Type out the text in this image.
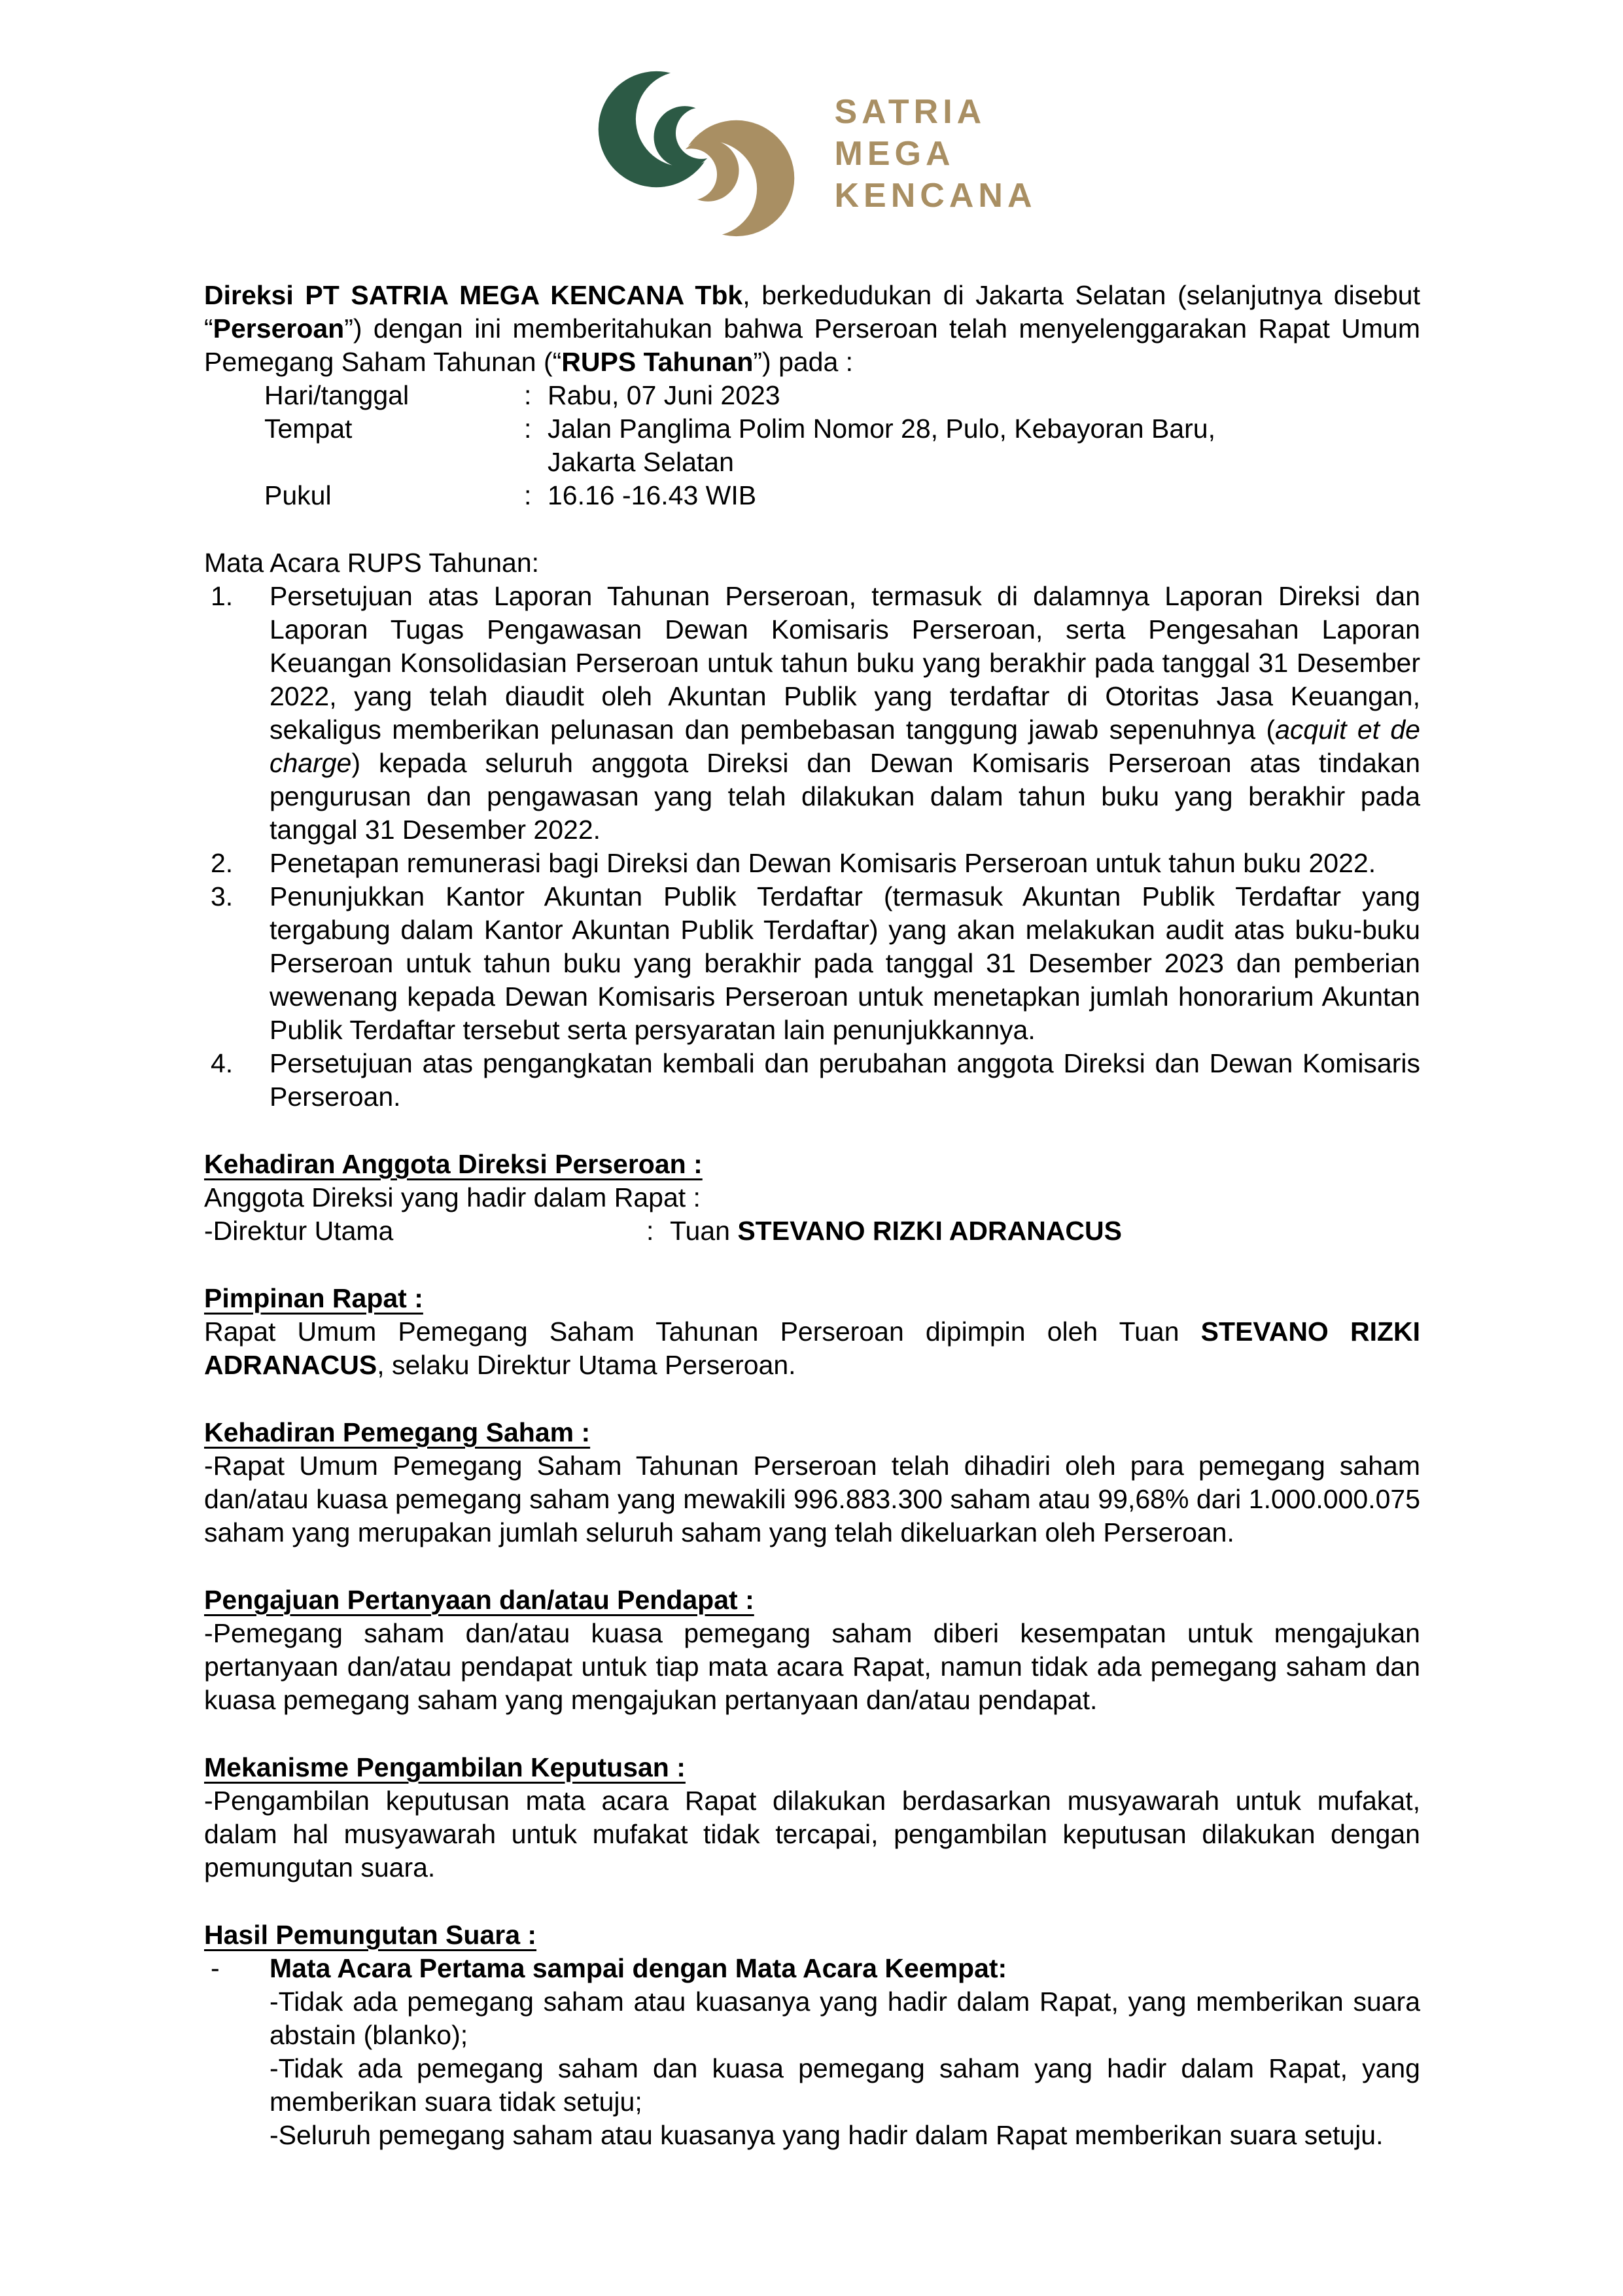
SATRIA
MEGA
KENCANA
Direksi PT SATRIA MEGA KENCANA Tbk, berkedudukan di Jakarta Selatan (selanjutnya disebut “Perseroan”) dengan ini memberitahukan bahwa Perseroan telah menyelenggarakan Rapat Umum Pemegang Saham Tahunan (“RUPS Tahunan”) pada :
Hari/tanggal	: Rabu, 07 Juni 2023
Tempat	: Jalan Panglima Polim Nomor 28, Pulo, Kebayoran Baru,
Jakarta Selatan
Pukul	: 16.16 -16.43 WIB
Mata Acara RUPS Tahunan:
1.	Persetujuan atas Laporan Tahunan Perseroan, termasuk di dalamnya Laporan Direksi dan Laporan Tugas Pengawasan Dewan Komisaris Perseroan, serta Pengesahan Laporan Keuangan Konsolidasian Perseroan untuk tahun buku yang berakhir pada tanggal 31 Desember 2022, yang telah diaudit oleh Akuntan Publik yang terdaftar di Otoritas Jasa Keuangan, sekaligus memberikan pelunasan dan pembebasan tanggung jawab sepenuhnya (acquit et de charge) kepada seluruh anggota Direksi dan Dewan Komisaris Perseroan atas tindakan pengurusan dan pengawasan yang telah dilakukan dalam tahun buku yang berakhir pada tanggal 31 Desember 2022.
2.	Penetapan remunerasi bagi Direksi dan Dewan Komisaris Perseroan untuk tahun buku 2022.
3.	Penunjukkan Kantor Akuntan Publik Terdaftar (termasuk Akuntan Publik Terdaftar yang tergabung dalam Kantor Akuntan Publik Terdaftar) yang akan melakukan audit atas buku-buku Perseroan untuk tahun buku yang berakhir pada tanggal 31 Desember 2023 dan pemberian wewenang kepada Dewan Komisaris Perseroan untuk menetapkan jumlah honorarium Akuntan Publik Terdaftar tersebut serta persyaratan lain penunjukkannya.
4.	Persetujuan atas pengangkatan kembali dan perubahan anggota Direksi dan Dewan Komisaris Perseroan.
Kehadiran Anggota Direksi Perseroan :
Anggota Direksi yang hadir dalam Rapat :
-Direktur Utama	: Tuan STEVANO RIZKI ADRANACUS
Pimpinan Rapat :
Rapat Umum Pemegang Saham Tahunan Perseroan dipimpin oleh Tuan STEVANO RIZKI ADRANACUS, selaku Direktur Utama Perseroan.
Kehadiran Pemegang Saham :
-Rapat Umum Pemegang Saham Tahunan Perseroan telah dihadiri oleh para pemegang saham dan/atau kuasa pemegang saham yang mewakili 996.883.300 saham atau 99,68% dari 1.000.000.075 saham yang merupakan jumlah seluruh saham yang telah dikeluarkan oleh Perseroan.
Pengajuan Pertanyaan dan/atau Pendapat :
-Pemegang saham dan/atau kuasa pemegang saham diberi kesempatan untuk mengajukan pertanyaan dan/atau pendapat untuk tiap mata acara Rapat, namun tidak ada pemegang saham dan kuasa pemegang saham yang mengajukan pertanyaan dan/atau pendapat.
Mekanisme Pengambilan Keputusan :
-Pengambilan keputusan mata acara Rapat dilakukan berdasarkan musyawarah untuk mufakat, dalam hal musyawarah untuk mufakat tidak tercapai, pengambilan keputusan dilakukan dengan pemungutan suara.
Hasil Pemungutan Suara :
-	Mata Acara Pertama sampai dengan Mata Acara Keempat:
-Tidak ada pemegang saham atau kuasanya yang hadir dalam Rapat, yang memberikan suara abstain (blanko);
-Tidak ada pemegang saham dan kuasa pemegang saham yang hadir dalam Rapat, yang memberikan suara tidak setuju;
-Seluruh pemegang saham atau kuasanya yang hadir dalam Rapat memberikan suara setuju.
